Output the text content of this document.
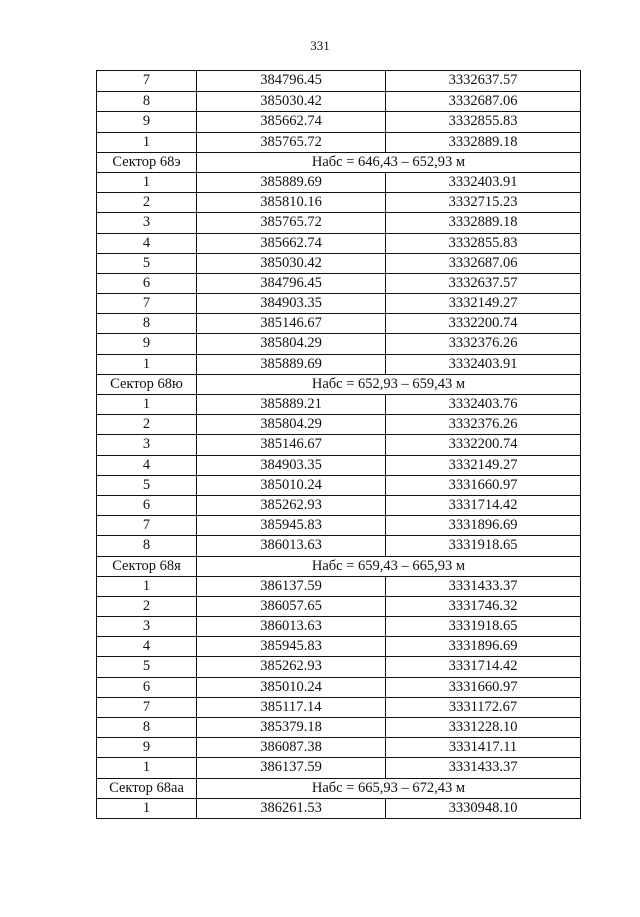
331
7	384796.45	3332637.57
8	385030.42	3332687.06
9	385662.74	3332855.83
1	385765.72	3332889.18
Сектор 68э	Набс = 646,43 – 652,93 м
1	385889.69	3332403.91
2	385810.16	3332715.23
3	385765.72	3332889.18
4	385662.74	3332855.83
5	385030.42	3332687.06
6	384796.45	3332637.57
7	384903.35	3332149.27
8	385146.67	3332200.74
9	385804.29	3332376.26
1	385889.69	3332403.91
Сектор 68ю	Набс = 652,93 – 659,43 м
1	385889.21	3332403.76
2	385804.29	3332376.26
3	385146.67	3332200.74
4	384903.35	3332149.27
5	385010.24	3331660.97
6	385262.93	3331714.42
7	385945.83	3331896.69
8	386013.63	3331918.65
Сектор 68я	Набс = 659,43 – 665,93 м
1	386137.59	3331433.37
2	386057.65	3331746.32
3	386013.63	3331918.65
4	385945.83	3331896.69
5	385262.93	3331714.42
6	385010.24	3331660.97
7	385117.14	3331172.67
8	385379.18	3331228.10
9	386087.38	3331417.11
1	386137.59	3331433.37
Сектор 68аа	Набс = 665,93 – 672,43 м
1	386261.53	3330948.10
